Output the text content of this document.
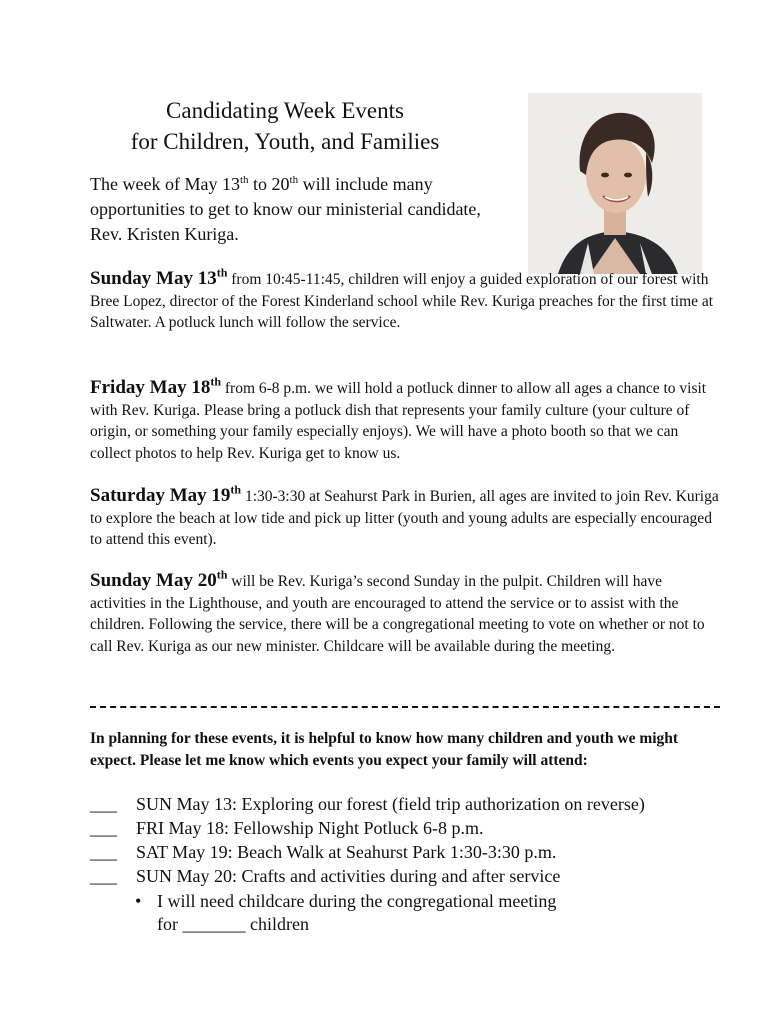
Candidating Week Events
for Children, Youth, and Families
The week of May 13th to 20th will include many opportunities to get to know our ministerial candidate, Rev. Kristen Kuriga.
Sunday May 13th from 10:45-11:45, children will enjoy a guided exploration of our forest with Bree Lopez, director of the Forest Kinderland school while Rev. Kuriga preaches for the first time at Saltwater. A potluck lunch will follow the service.
Friday May 18th from 6-8 p.m. we will hold a potluck dinner to allow all ages a chance to visit with Rev. Kuriga. Please bring a potluck dish that represents your family culture (your culture of origin, or something your family especially enjoys). We will have a photo booth so that we can collect photos to help Rev. Kuriga get to know us.
Saturday May 19th 1:30-3:30 at Seahurst Park in Burien, all ages are invited to join Rev. Kuriga to explore the beach at low tide and pick up litter (youth and young adults are especially encouraged to attend this event).
Sunday May 20th will be Rev. Kuriga’s second Sunday in the pulpit. Children will have activities in the Lighthouse, and youth are encouraged to attend the service or to assist with the children. Following the service, there will be a congregational meeting to vote on whether or not to call Rev. Kuriga as our new minister. Childcare will be available during the meeting.
In planning for these events, it is helpful to know how many children and youth we might expect. Please let me know which events you expect your family will attend:
___ SUN May 13: Exploring our forest (field trip authorization on reverse)
___ FRI May 18: Fellowship Night Potluck 6-8 p.m.
___ SAT May 19: Beach Walk at Seahurst Park 1:30-3:30 p.m.
___ SUN May 20: Crafts and activities during and after service
• I will need childcare during the congregational meeting
for _______ children
